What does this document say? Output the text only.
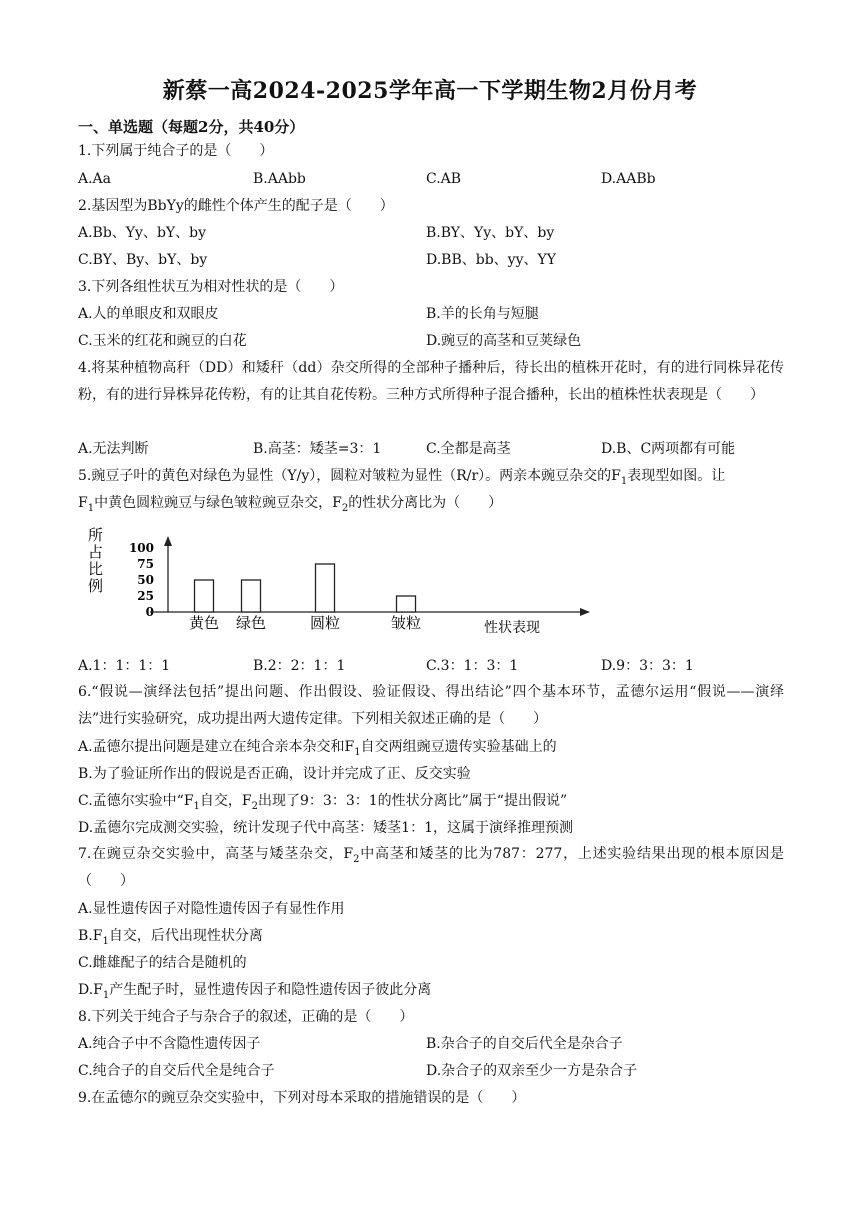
新蔡一高2024-2025学年高一下学期生物2月份月考
一、单选题（每题2分，共40分）
1.下列属于纯合子的是（　　）
A.Aa	B.AAbb	C.AB	D.AABb
2.基因型为BbYy的雌性个体产生的配子是（　　）
A.Bb、Yy、bY、by	B.BY、Yy、bY、by
C.BY、By、bY、by	D.BB、bb、yy、YY
3.下列各组性状互为相对性状的是（　　）
A.人的单眼皮和双眼皮	B.羊的长角与短腿
C.玉米的红花和豌豆的白花	D.豌豆的高茎和豆荚绿色
4.将某种植物高秆（DD）和矮秆（dd）杂交所得的全部种子播种后，待长出的植株开花时，有的进行同株异花传粉，有的进行异株异花传粉，有的让其自花传粉。三种方式所得种子混合播种，长出的植株性状表现是（　　）
A.无法判断	B.高茎：矮茎=3：1	C.全都是高茎	D.B、C两项都有可能
5.豌豆子叶的黄色对绿色为显性（Y/y），圆粒对皱粒为显性（R/r）。两亲本豌豆杂交的$F_1$表现型如图。让
$F_1$中黄色圆粒豌豆与绿色皱粒豌豆杂交，$F_2$的性状分离比为（　　）
所
占
比
例
100
75
50
25
0
黄色 绿色	圆粒	皱粒	性状表现
A.1：1：1：1	B.2：2：1：1	C.3：1：3：1	D.9：3：3：1
6.“假说—演绎法包括”提出问题、作出假设、验证假设、得出结论”四个基本环节，孟德尔运用“假说——演绎法”进行实验研究，成功提出两大遗传定律。下列相关叙述正确的是（　　）
A.孟德尔提出问题是建立在纯合亲本杂交和$F_1$自交两组豌豆遗传实验基础上的
B.为了验证所作出的假说是否正确，设计并完成了正、反交实验
C.孟德尔实验中“$F_1$自交，$F_2$出现了9：3：3：1的性状分离比”属于“提出假说”
D.孟德尔完成测交实验，统计发现子代中高茎：矮茎1：1，这属于演绎推理预测
7.在豌豆杂交实验中，高茎与矮茎杂交，$F_2$中高茎和矮茎的比为787：277，上述实验结果出现的根本原因是（　　）
A.显性遗传因子对隐性遗传因子有显性作用
$B.F_1$自交，后代出现性状分离
C.雌雄配子的结合是随机的
$D.F_1$产生配子时，显性遗传因子和隐性遗传因子彼此分离
8.下列关于纯合子与杂合子的叙述，正确的是（　　）
A.纯合子中不含隐性遗传因子	B.杂合子的自交后代全是杂合子
C.纯合子的自交后代全是纯合子	D.杂合子的双亲至少一方是杂合子
9.在孟德尔的豌豆杂交实验中，下列对母本采取的措施错误的是（　　）
